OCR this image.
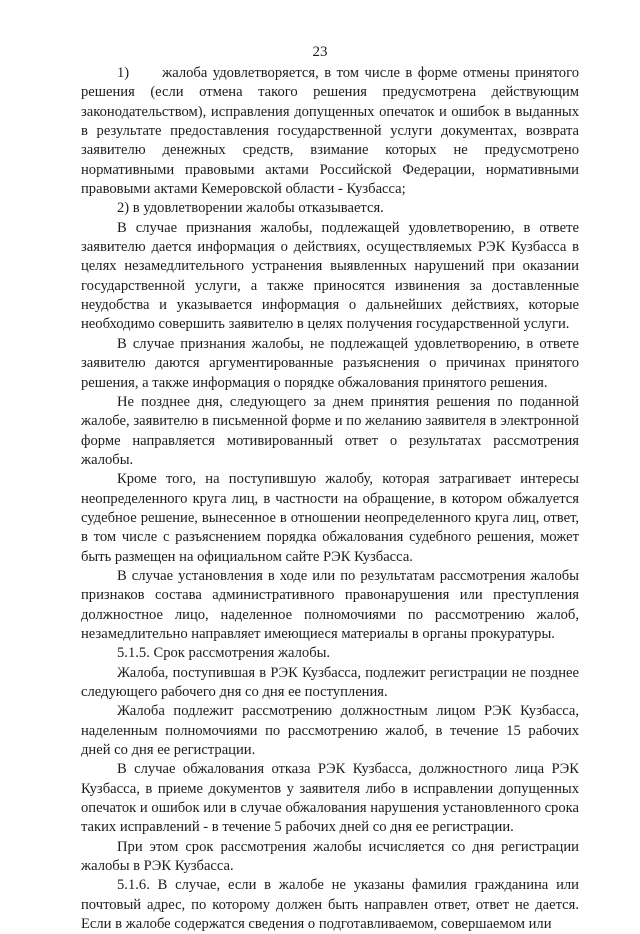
23

1)      жалоба удовлетворяется, в том числе в форме отмены принятого решения (если отмена такого решения предусмотрена действующим законодательством), исправления допущенных опечаток и ошибок в выданных в результате предоставления государственной услуги документах, возврата заявителю денежных средств, взимание которых не предусмотрено нормативными правовыми актами Российской Федерации, нормативными правовыми актами Кемеровской области - Кузбасса;

2) в удовлетворении жалобы отказывается.

В случае признания жалобы, подлежащей удовлетворению, в ответе заявителю дается информация о действиях, осуществляемых РЭК Кузбасса в целях незамедлительного устранения выявленных нарушений при оказании государственной услуги, а также приносятся извинения за доставленные неудобства и указывается информация о дальнейших действиях, которые необходимо совершить заявителю в целях получения государственной услуги.

В случае признания жалобы, не подлежащей удовлетворению, в ответе заявителю даются аргументированные разъяснения о причинах принятого решения, а также информация о порядке обжалования принятого решения.

Не позднее дня, следующего за днем принятия решения по поданной жалобе, заявителю в письменной форме и по желанию заявителя в электронной форме направляется мотивированный ответ о результатах рассмотрения жалобы.

Кроме того, на поступившую жалобу, которая затрагивает интересы неопределенного круга лиц, в частности на обращение, в котором обжалуется судебное решение, вынесенное в отношении неопределенного круга лиц, ответ, в том числе с разъяснением порядка обжалования судебного решения, может быть размещен на официальном сайте РЭК Кузбасса.

В случае установления в ходе или по результатам рассмотрения жалобы признаков состава административного правонарушения или преступления должностное лицо, наделенное полномочиями по рассмотрению жалоб, незамедлительно направляет имеющиеся материалы в органы прокуратуры.

5.1.5. Срок рассмотрения жалобы.

Жалоба, поступившая в РЭК Кузбасса, подлежит регистрации не позднее следующего рабочего дня со дня ее поступления.

Жалоба подлежит рассмотрению должностным лицом РЭК Кузбасса, наделенным полномочиями по рассмотрению жалоб, в течение 15 рабочих дней со дня ее регистрации.

В случае обжалования отказа РЭК Кузбасса, должностного лица РЭК Кузбасса, в приеме документов у заявителя либо в исправлении допущенных опечаток и ошибок или в случае обжалования нарушения установленного срока таких исправлений - в течение 5 рабочих дней со дня ее регистрации.

При этом срок рассмотрения жалобы исчисляется со дня регистрации жалобы в РЭК Кузбасса.

5.1.6. В случае, если в жалобе не указаны фамилия гражданина или почтовый адрес, по которому должен быть направлен ответ, ответ не дается. Если в жалобе содержатся сведения о подготавливаемом, совершаемом или
